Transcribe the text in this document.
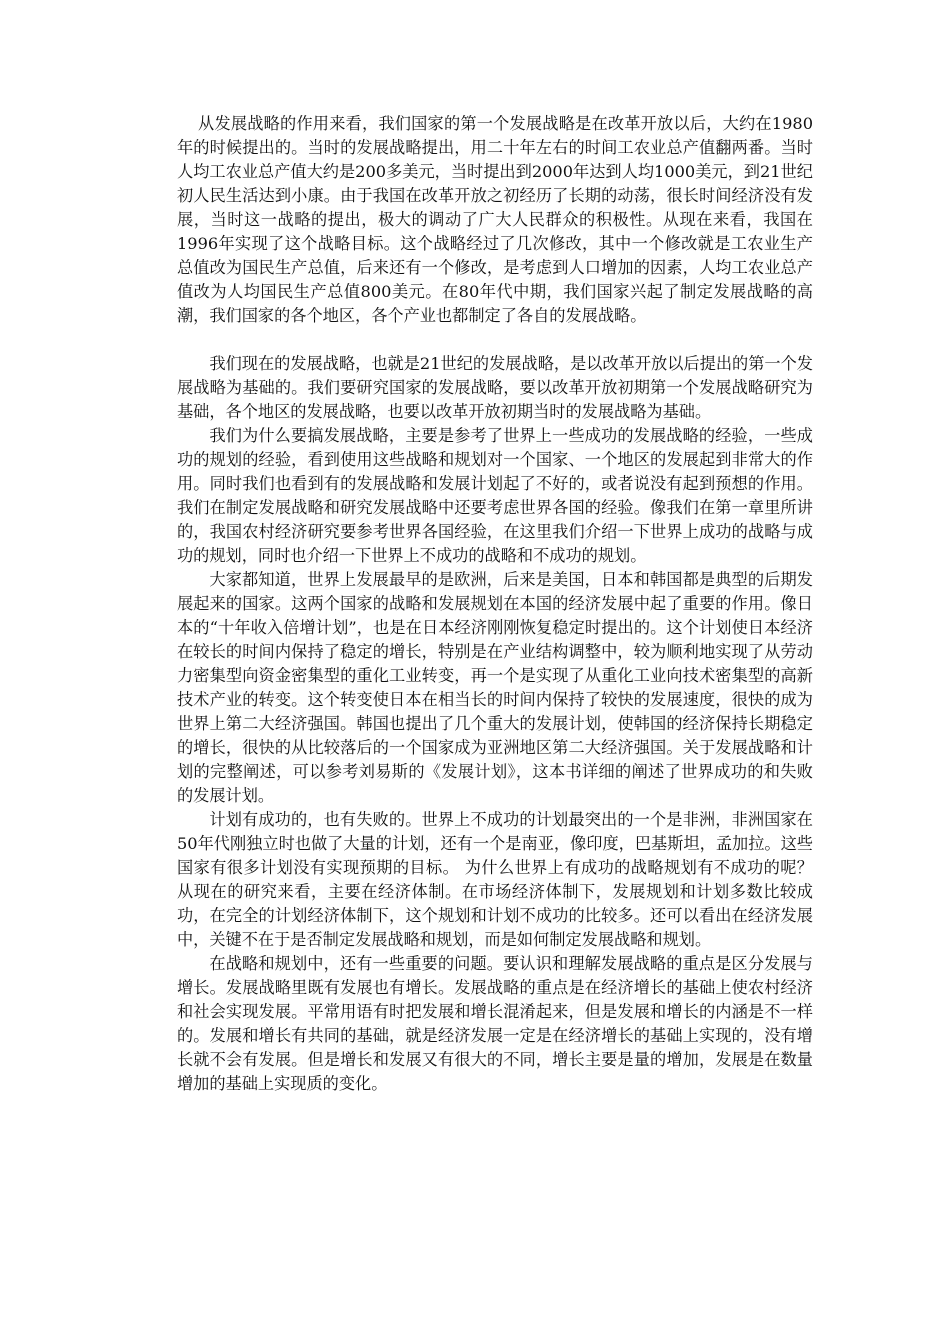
从发展战略的作用来看，我们国家的第一个发展战略是在改革开放以后，大约在1980年的时候提出的。当时的发展战略提出，用二十年左右的时间工农业总产值翻两番。当时人均工农业总产值大约是200多美元，当时提出到2000年达到人均1000美元，到21世纪初人民生活达到小康。由于我国在改革开放之初经历了长期的动荡，很长时间经济没有发展，当时这一战略的提出，极大的调动了广大人民群众的积极性。从现在来看，我国在1996年实现了这个战略目标。这个战略经过了几次修改，其中一个修改就是工农业生产总值改为国民生产总值，后来还有一个修改，是考虑到人口增加的因素，人均工农业总产值改为人均国民生产总值800美元。在80年代中期，我们国家兴起了制定发展战略的高潮，我们国家的各个地区，各个产业也都制定了各自的发展战略。

我们现在的发展战略，也就是21世纪的发展战略，是以改革开放以后提出的第一个发展战略为基础的。我们要研究国家的发展战略，要以改革开放初期第一个发展战略研究为基础，各个地区的发展战略，也要以改革开放初期当时的发展战略为基础。

我们为什么要搞发展战略，主要是参考了世界上一些成功的发展战略的经验，一些成功的规划的经验，看到使用这些战略和规划对一个国家、一个地区的发展起到非常大的作用。同时我们也看到有的发展战略和发展计划起了不好的，或者说没有起到预想的作用。我们在制定发展战略和研究发展战略中还要考虑世界各国的经验。像我们在第一章里所讲的，我国农村经济研究要参考世界各国经验，在这里我们介绍一下世界上成功的战略与成功的规划，同时也介绍一下世界上不成功的战略和不成功的规划。

大家都知道，世界上发展最早的是欧洲，后来是美国，日本和韩国都是典型的后期发展起来的国家。这两个国家的战略和发展规划在本国的经济发展中起了重要的作用。像日本的“十年收入倍增计划”，也是在日本经济刚刚恢复稳定时提出的。这个计划使日本经济在较长的时间内保持了稳定的增长，特别是在产业结构调整中，较为顺利地实现了从劳动力密集型向资金密集型的重化工业转变，再一个是实现了从重化工业向技术密集型的高新技术产业的转变。这个转变使日本在相当长的时间内保持了较快的发展速度，很快的成为世界上第二大经济强国。韩国也提出了几个重大的发展计划，使韩国的经济保持长期稳定的增长，很快的从比较落后的一个国家成为亚洲地区第二大经济强国。关于发展战略和计划的完整阐述，可以参考刘易斯的《发展计划》，这本书详细的阐述了世界成功的和失败的发展计划。

计划有成功的，也有失败的。世界上不成功的计划最突出的一个是非洲，非洲国家在50年代刚独立时也做了大量的计划，还有一个是南亚，像印度，巴基斯坦，孟加拉。这些国家有很多计划没有实现预期的目标。 为什么世界上有成功的战略规划有不成功的呢？从现在的研究来看，主要在经济体制。在市场经济体制下，发展规划和计划多数比较成功，在完全的计划经济体制下，这个规划和计划不成功的比较多。还可以看出在经济发展中，关键不在于是否制定发展战略和规划，而是如何制定发展战略和规划。

在战略和规划中，还有一些重要的问题。要认识和理解发展战略的重点是区分发展与增长。发展战略里既有发展也有增长。发展战略的重点是在经济增长的基础上使农村经济和社会实现发展。平常用语有时把发展和增长混淆起来，但是发展和增长的内涵是不一样的。发展和增长有共同的基础，就是经济发展一定是在经济增长的基础上实现的，没有增长就不会有发展。但是增长和发展又有很大的不同，增长主要是量的增加，发展是在数量增加的基础上实现质的变化。
